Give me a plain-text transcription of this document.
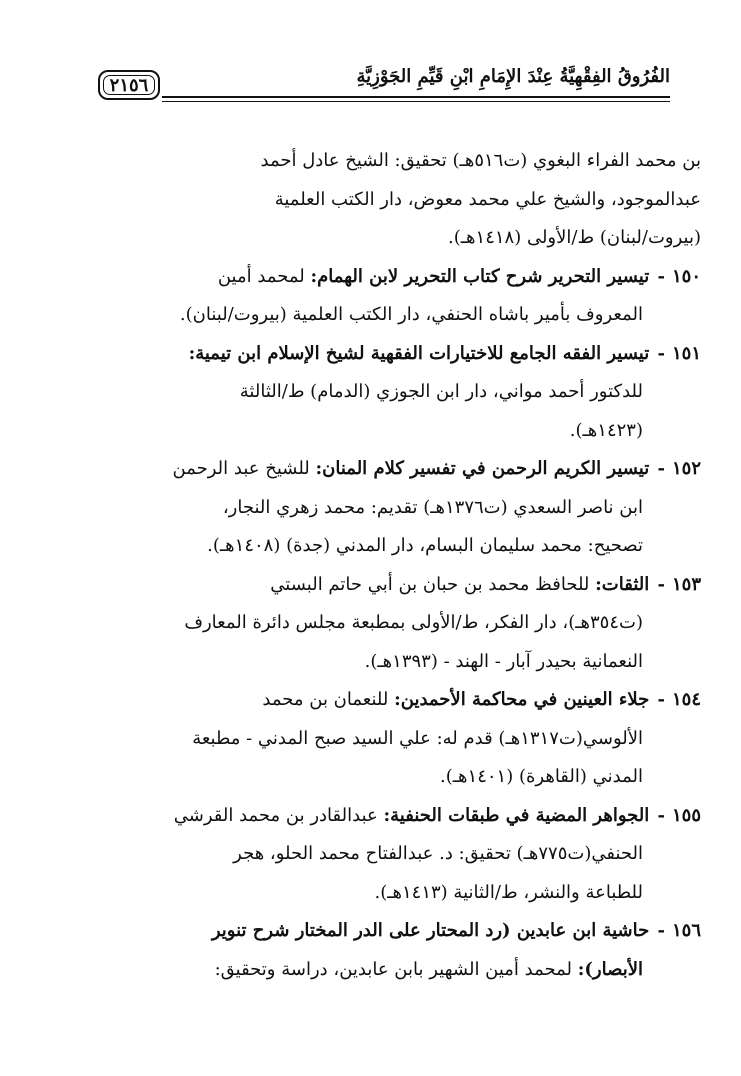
الفُرُوقُ الفِقْهِيَّةُ عِنْدَ الإِمَامِ ابْنِ قَيِّمِ الجَوْزِيَّةِ
٢١٥٦
بن محمد الفراء البغوي (ت٥١٦هـ) تحقيق: الشيخ عادل أحمد
عبدالموجود، والشيخ علي محمد معوض، دار الكتب العلمية
(بيروت/لبنان) ط/الأولى (١٤١٨هـ).
١٥٠- تيسير التحرير شرح كتاب التحرير لابن الهمام: لمحمد أمين
المعروف بأمير باشاه الحنفي، دار الكتب العلمية (بيروت/لبنان).
١٥١- تيسير الفقه الجامع للاختيارات الفقهية لشيخ الإسلام ابن تيمية:
للدكتور أحمد مواني، دار ابن الجوزي (الدمام) ط/الثالثة
(١٤٢٣هـ).
١٥٢- تيسير الكريم الرحمن في تفسير كلام المنان: للشيخ عبد الرحمن
ابن ناصر السعدي (ت١٣٧٦هـ) تقديم: محمد زهري النجار،
تصحيح: محمد سليمان البسام، دار المدني (جدة) (١٤٠٨هـ).
١٥٣- الثقات: للحافظ محمد بن حبان بن أبي حاتم البستي
(ت٣٥٤هـ)، دار الفكر، ط/الأولى بمطبعة مجلس دائرة المعارف
النعمانية بحيدر آبار - الهند - (١٣٩٣هـ).
١٥٤- جلاء العينين في محاكمة الأحمدين: للنعمان بن محمد
الألوسي(ت١٣١٧هـ) قدم له: علي السيد صبح المدني - مطبعة
المدني (القاهرة) (١٤٠١هـ).
١٥٥- الجواهر المضية في طبقات الحنفية: عبدالقادر بن محمد القرشي
الحنفي(ت٧٧٥هـ) تحقيق: د. عبدالفتاح محمد الحلو، هجر
للطباعة والنشر، ط/الثانية (١٤١٣هـ).
١٥٦- حاشية ابن عابدين (رد المحتار على الدر المختار شرح تنوير
الأبصار): لمحمد أمين الشهير بابن عابدين، دراسة وتحقيق:
